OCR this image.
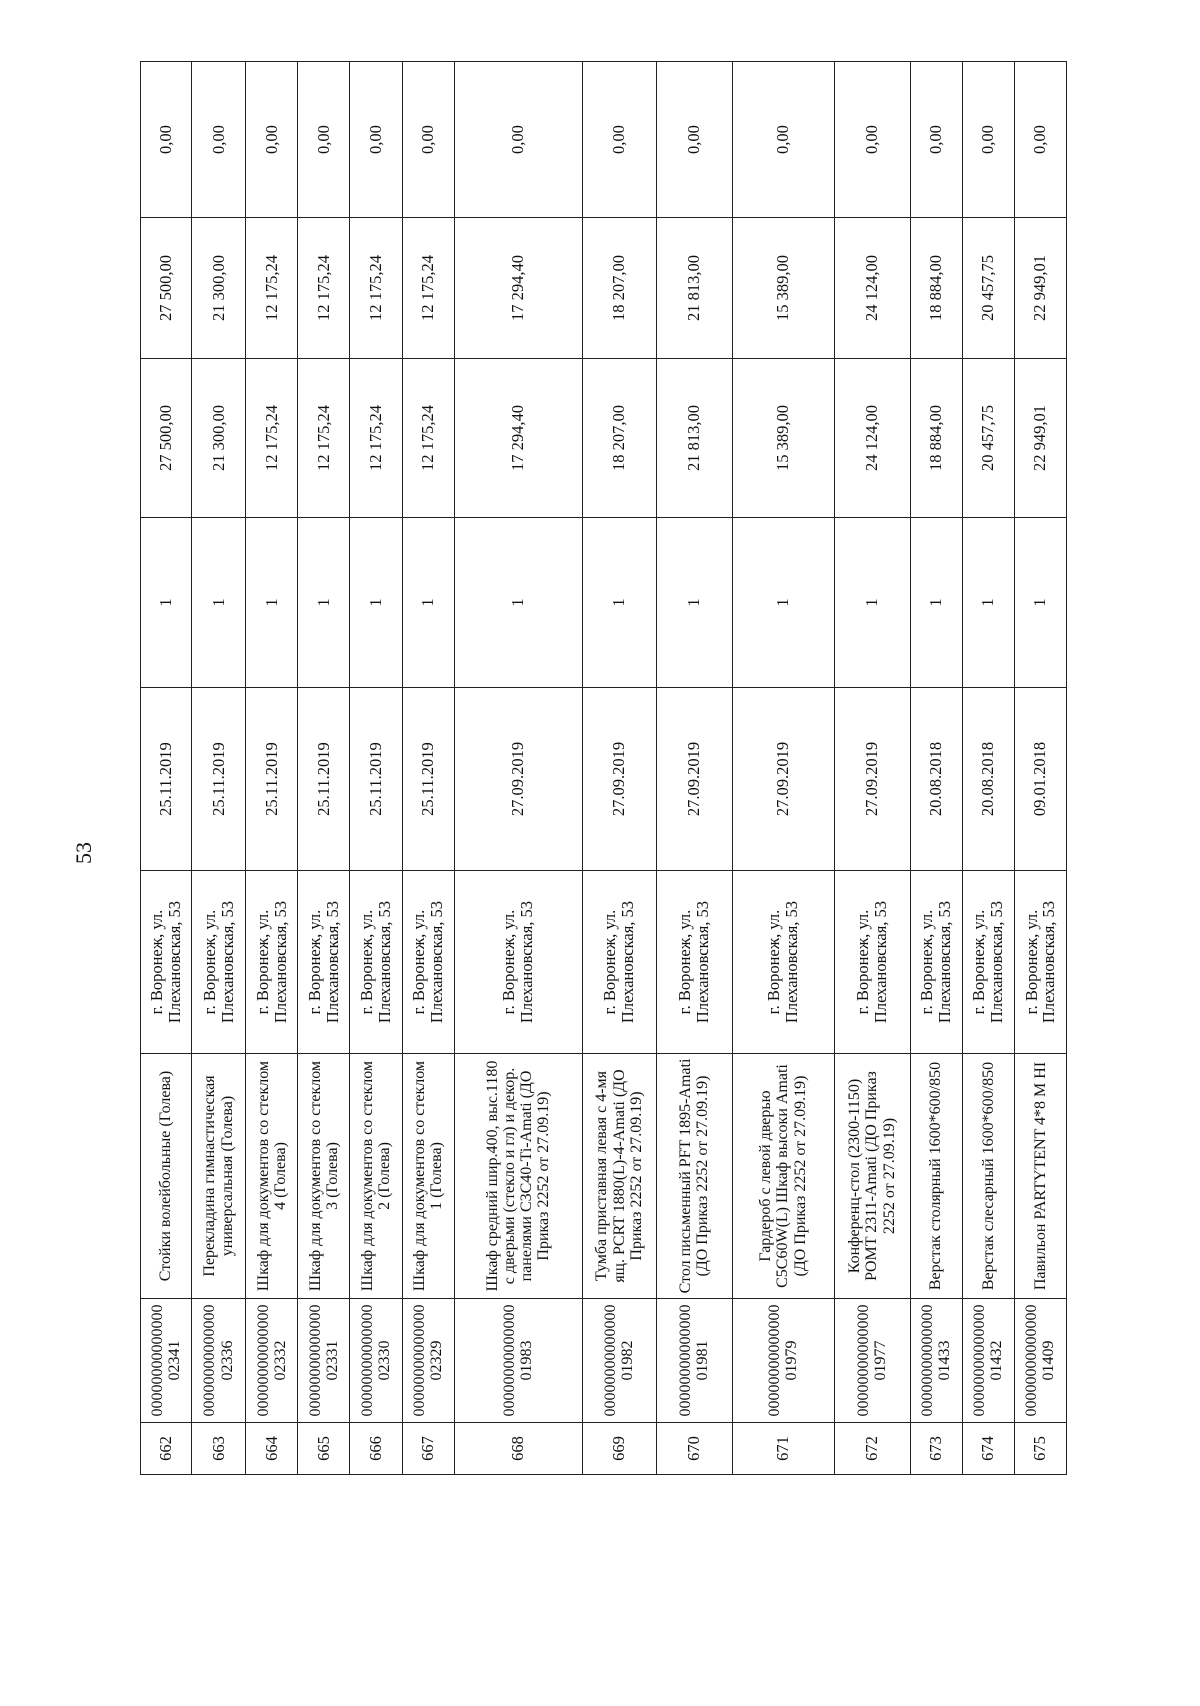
53
662	0000000000000002341	Стойки волейбольные (Голева)	г. Воронеж, ул. Плехановская, 53	25.11.2019	1	27 500,00	27 500,00	0,00
663	0000000000000002336	Перекладина гимнастическая универсальная (Голева)	г. Воронеж, ул. Плехановская, 53	25.11.2019	1	21 300,00	21 300,00	0,00
664	0000000000000002332	Шкаф для документов со стеклом 4 (Голева)	г. Воронеж, ул. Плехановская, 53	25.11.2019	1	12 175,24	12 175,24	0,00
665	0000000000000002331	Шкаф для документов со стеклом 3 (Голева)	г. Воронеж, ул. Плехановская, 53	25.11.2019	1	12 175,24	12 175,24	0,00
666	0000000000000002330	Шкаф для документов со стеклом 2 (Голева)	г. Воронеж, ул. Плехановская, 53	25.11.2019	1	12 175,24	12 175,24	0,00
667	0000000000000002329	Шкаф для документов со стеклом 1 (Голева)	г. Воронеж, ул. Плехановская, 53	25.11.2019	1	12 175,24	12 175,24	0,00
668	0000000000000001983	Шкаф средний шир.400, выс.1180 с дверьми (стекло и гл) и декор. панелями С3С40-Ti-Amati (ДО Приказ 2252 от 27.09.19)	г. Воронеж, ул. Плехановская, 53	27.09.2019	1	17 294,40	17 294,40	0,00
669	0000000000000001982	Тумба приставная левая с 4-мя ящ. PCRT 1880(L)-4-Amati (ДО Приказ 2252 от 27.09.19)	г. Воронеж, ул. Плехановская, 53	27.09.2019	1	18 207,00	18 207,00	0,00
670	0000000000000001981	Стол письменный PFT 1895-Amati (ДО Приказ 2252 от 27.09.19)	г. Воронеж, ул. Плехановская, 53	27.09.2019	1	21 813,00	21 813,00	0,00
671	0000000000000001979	Гардероб с левой дверью C5C60W(L) Шкаф высоки Amati (ДО Приказ 2252 от 27.09.19)	г. Воронеж, ул. Плехановская, 53	27.09.2019	1	15 389,00	15 389,00	0,00
672	0000000000000001977	Конференц-стол (2300-1150) POMT 2311-Amati (ДО Приказ 2252 от 27.09.19)	г. Воронеж, ул. Плехановская, 53	27.09.2019	1	24 124,00	24 124,00	0,00
673	0000000000000001433	Верстак столярный 1600*600/850	г. Воронеж, ул. Плехановская, 53	20.08.2018	1	18 884,00	18 884,00	0,00
674	0000000000000001432	Верстак слесарный 1600*600/850	г. Воронеж, ул. Плехановская, 53	20.08.2018	1	20 457,75	20 457,75	0,00
675	0000000000000001409	Павильон PARTYTENT 4*8 M HI	г. Воронеж, ул. Плехановская, 53	09.01.2018	1	22 949,01	22 949,01	0,00
